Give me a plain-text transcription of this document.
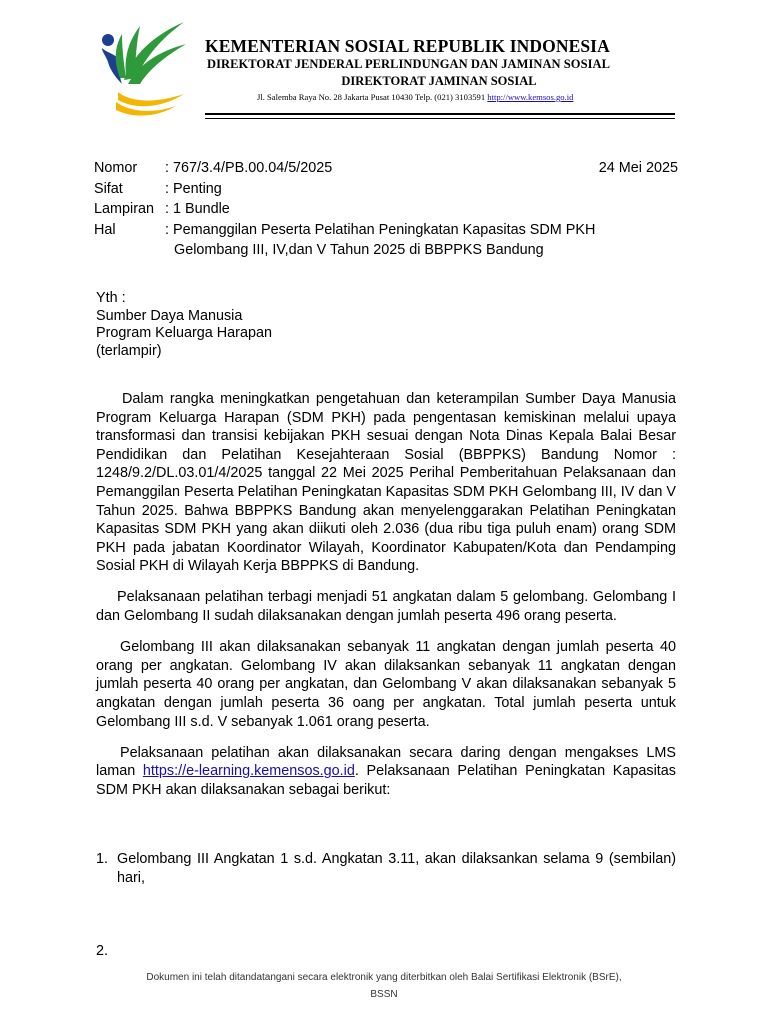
KEMENTERIAN SOSIAL REPUBLIK INDONESIA
DIREKTORAT JENDERAL PERLINDUNGAN DAN JAMINAN SOSIAL
DIREKTORAT JAMINAN SOSIAL
Jl. Salemba Raya No. 28 Jakarta Pusat 10430 Telp. (021) 3103591 http://www.kemsos.go.id
24 Mei 2025
Nomor	: 767/3.4/PB.00.04/5/2025
Sifat	: Penting
Lampiran : 1 Bundle
Hal	: Pemanggilan Peserta Pelatihan Peningkatan Kapasitas SDM PKH
Gelombang III, IV,dan V Tahun 2025 di BBPPKS Bandung
Yth :
Sumber Daya Manusia
Program Keluarga Harapan
(terlampir)

Dalam rangka meningkatkan pengetahuan dan keterampilan Sumber Daya Manusia Program Keluarga Harapan (SDM PKH) pada pengentasan kemiskinan melalui upaya transformasi dan transisi kebijakan PKH sesuai dengan Nota Dinas Kepala Balai Besar Pendidikan dan Pelatihan Kesejahteraan Sosial (BBPPKS) Bandung Nomor : 1248/9.2/DL.03.01/4/2025 tanggal 22 Mei 2025 Perihal Pemberitahuan Pelaksanaan dan Pemanggilan Peserta Pelatihan Peningkatan Kapasitas SDM PKH Gelombang III, IV dan V Tahun 2025. Bahwa BBPPKS Bandung akan menyelenggarakan Pelatihan Peningkatan Kapasitas SDM PKH yang akan diikuti oleh 2.036 (dua ribu tiga puluh enam) orang SDM PKH pada jabatan Koordinator Wilayah, Koordinator Kabupaten/Kota dan Pendamping Sosial PKH di Wilayah Kerja BBPPKS di Bandung.

Pelaksanaan pelatihan terbagi menjadi 51 angkatan dalam 5 gelombang. Gelombang I dan Gelombang II sudah dilaksanakan dengan jumlah peserta 496 orang peserta.

Gelombang III akan dilaksanakan sebanyak 11 angkatan dengan jumlah peserta 40 orang per angkatan. Gelombang IV akan dilaksankan sebanyak 11 angkatan dengan jumlah peserta 40 orang per angkatan, dan Gelombang V akan dilaksanakan sebanyak 5 angkatan dengan jumlah peserta 36 oang per angkatan. Total jumlah peserta untuk Gelombang III s.d. V sebanyak 1.061 orang peserta.

Pelaksanaan pelatihan akan dilaksanakan secara daring dengan mengakses LMS laman https://e-learning.kemensos.go.id. Pelaksanaan Pelatihan Peningkatan Kapasitas SDM PKH akan dilaksanakan sebagai berikut:

1. Gelombang III Angkatan 1 s.d. Angkatan 3.11, akan dilaksankan selama 9 (sembilan) hari,
2.
Dokumen ini telah ditandatangani secara elektronik yang diterbitkan oleh Balai Sertifikasi Elektronik (BSrE),
BSSN
